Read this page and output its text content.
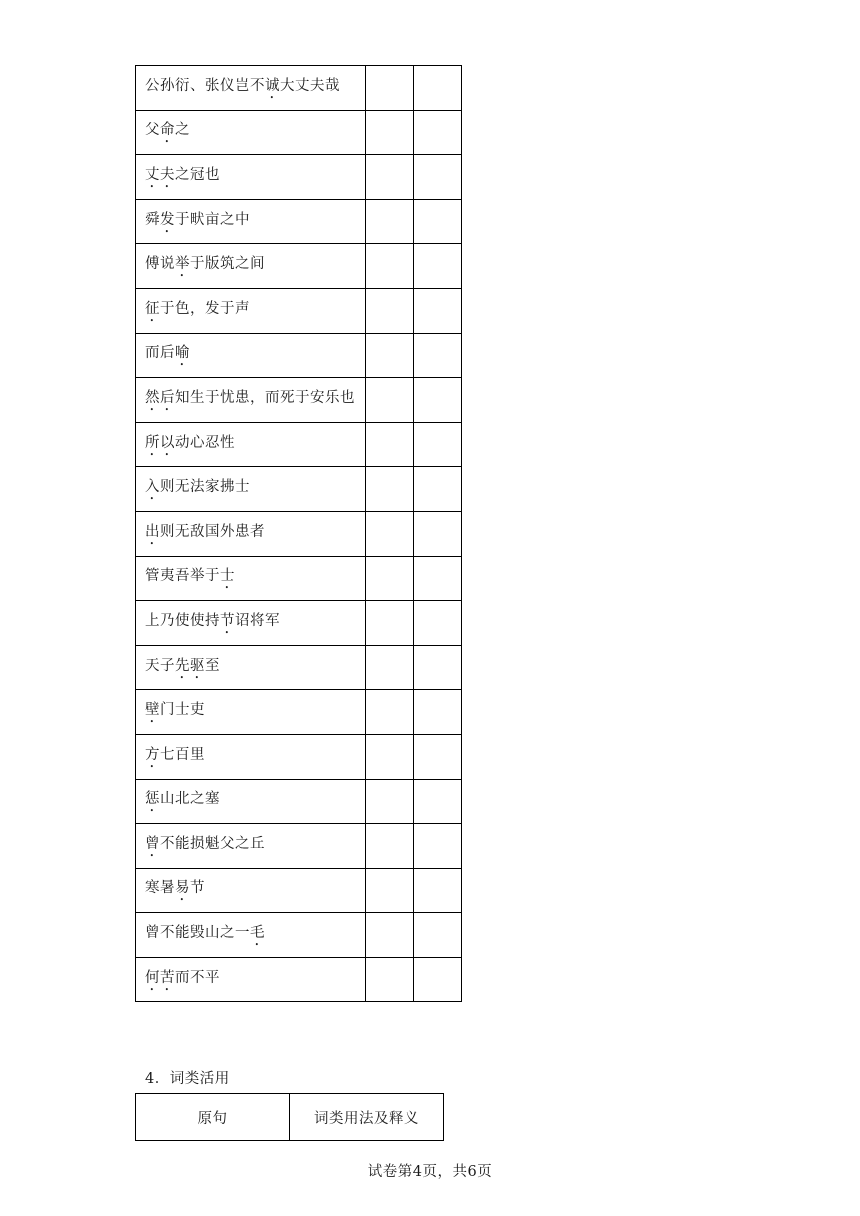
公孙衍、张仪岂不诚大丈夫哉		
父命之		
丈夫之冠也		
舜发于畎亩之中		
傅说举于版筑之间		
征于色，发于声		
而后喻		
然后知生于忧患，而死于安乐也		
所以动心忍性		
入则无法家拂士		
出则无敌国外患者		
管夷吾举于士		
上乃使使持节诏将军		
天子先驱至		
壁门士吏		
方七百里		
惩山北之塞		
曾不能损魁父之丘		
寒暑易节		
曾不能毁山之一毛		
何苦而不平		
4．词类活用
原句	词类用法及释义
试卷第4页，共6页
